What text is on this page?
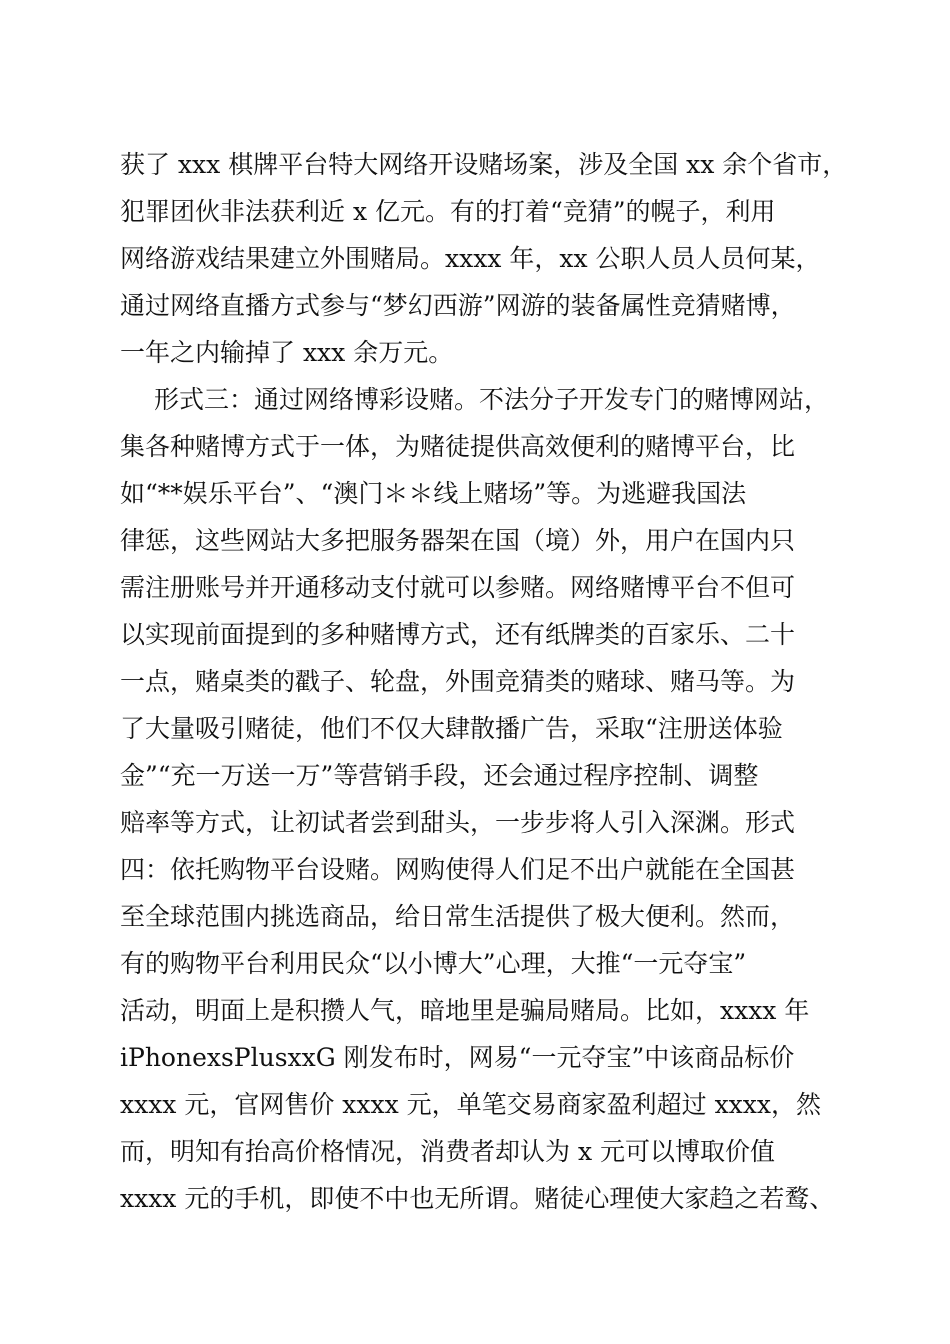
获了 xxx 棋牌平台特大网络开设赌场案，涉及全国 xx 余个省市，
犯罪团伙非法获利近 x 亿元。有的打着“竞猜”的幌子，利用
网络游戏结果建立外围赌局。xxxx 年，xx 公职人员人员何某，
通过网络直播方式参与“梦幻西游”网游的装备属性竞猜赌博，
一年之内输掉了 xxx 余万元。
形式三：通过网络博彩设赌。不法分子开发专门的赌博网站，
集各种赌博方式于一体，为赌徒提供高效便利的赌博平台，比
如“**娱乐平台”、“澳门＊＊线上赌场”等。为逃避我国法
律惩，这些网站大多把服务器架在国（境）外，用户在国内只
需注册账号并开通移动支付就可以参赌。网络赌博平台不但可
以实现前面提到的多种赌博方式，还有纸牌类的百家乐、二十
一点，赌桌类的戳子、轮盘，外围竞猜类的赌球、赌马等。为
了大量吸引赌徒，他们不仅大肆散播广告，采取“注册送体验
金”“充一万送一万”等营销手段，还会通过程序控制、调整
赔率等方式，让初试者尝到甜头，一步步将人引入深渊。形式
四：依托购物平台设赌。网购使得人们足不出户就能在全国甚
至全球范围内挑选商品，给日常生活提供了极大便利。然而，
有的购物平台利用民众“以小博大”心理，大推“一元夺宝”
活动，明面上是积攒人气，暗地里是骗局赌局。比如，xxxx 年
iPhonexsPlusxxG 刚发布时，网易“一元夺宝”中该商品标价
xxxx 元，官网售价 xxxx 元，单笔交易商家盈利超过 xxxx，然
而，明知有抬高价格情况，消费者却认为 x 元可以博取价值
xxxx 元的手机，即使不中也无所谓。赌徒心理使大家趋之若鹜、
